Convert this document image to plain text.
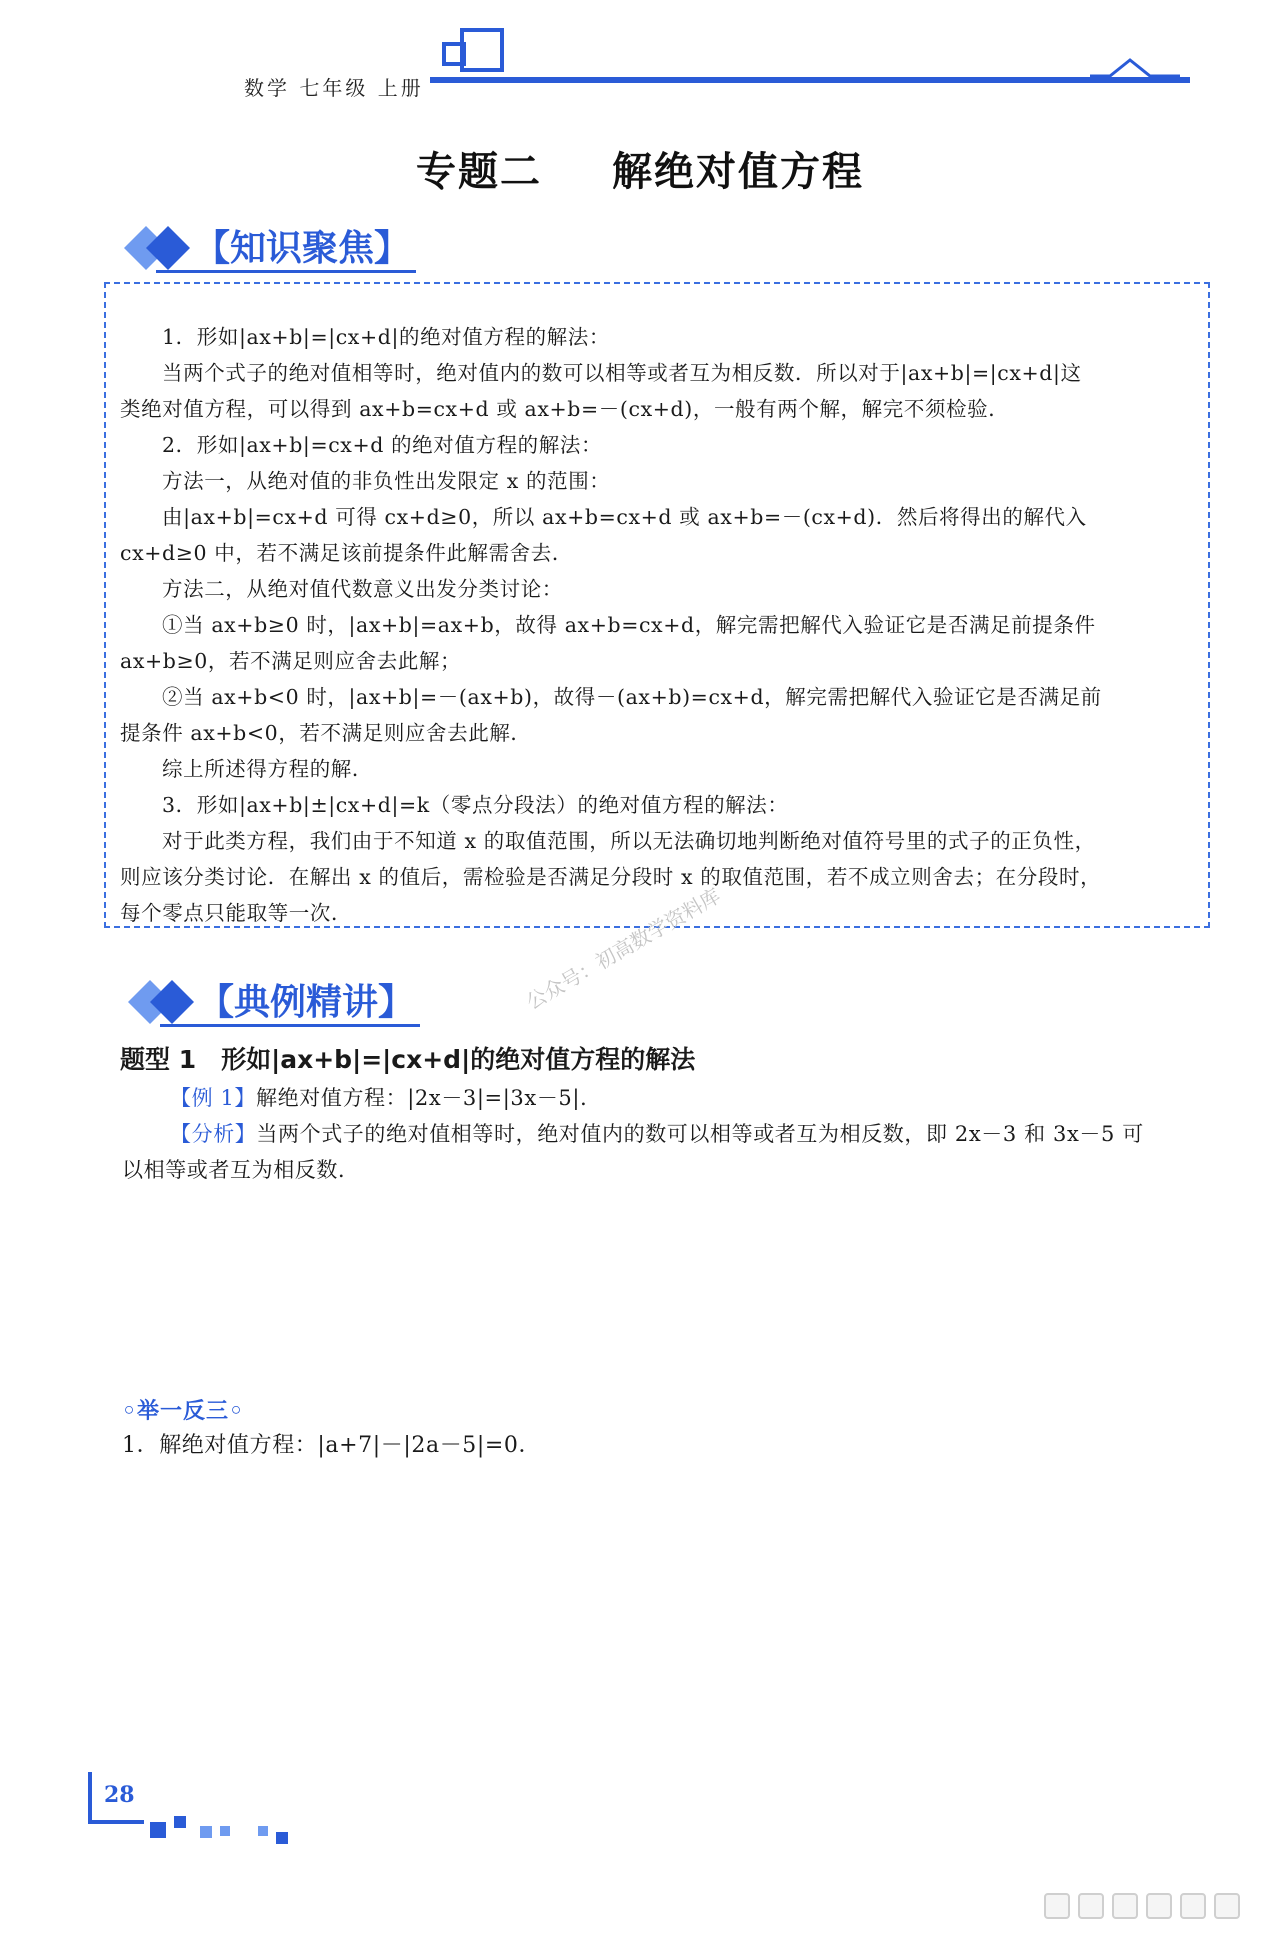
数学 七年级 上册
专题二 解绝对值方程
【知识聚焦】
1．形如|ax+b|=|cx+d|的绝对值方程的解法：
当两个式子的绝对值相等时，绝对值内的数可以相等或者互为相反数．所以对于|ax+b|=|cx+d|这
类绝对值方程，可以得到 ax+b=cx+d 或 ax+b=－(cx+d)，一般有两个解，解完不须检验．
2．形如|ax+b|=cx+d 的绝对值方程的解法：
方法一，从绝对值的非负性出发限定 x 的范围：
由|ax+b|=cx+d 可得 cx+d≥0，所以 ax+b=cx+d 或 ax+b=－(cx+d)．然后将得出的解代入
cx+d≥0 中，若不满足该前提条件此解需舍去．
方法二，从绝对值代数意义出发分类讨论：
①当 ax+b≥0 时，|ax+b|=ax+b，故得 ax+b=cx+d，解完需把解代入验证它是否满足前提条件
ax+b≥0，若不满足则应舍去此解；
②当 ax+b<0 时，|ax+b|=－(ax+b)，故得－(ax+b)=cx+d，解完需把解代入验证它是否满足前
提条件 ax+b<0，若不满足则应舍去此解．
综上所述得方程的解．
3．形如|ax+b|±|cx+d|=k（零点分段法）的绝对值方程的解法：
对于此类方程，我们由于不知道 x 的取值范围，所以无法确切地判断绝对值符号里的式子的正负性，
则应该分类讨论．在解出 x 的值后，需检验是否满足分段时 x 的取值范围，若不成立则舍去；在分段时，
每个零点只能取等一次．	公众号：初高数学资料库
【典例精讲】
题型 1　形如|ax+b|=|cx+d|的绝对值方程的解法
【例 1】解绝对值方程：|2x－3|=|3x－5|．
【分析】当两个式子的绝对值相等时，绝对值内的数可以相等或者互为相反数，即 2x－3 和 3x－5 可
以相等或者互为相反数．
◦举一反三◦
1．解绝对值方程：|a+7|－|2a－5|=0．
28
